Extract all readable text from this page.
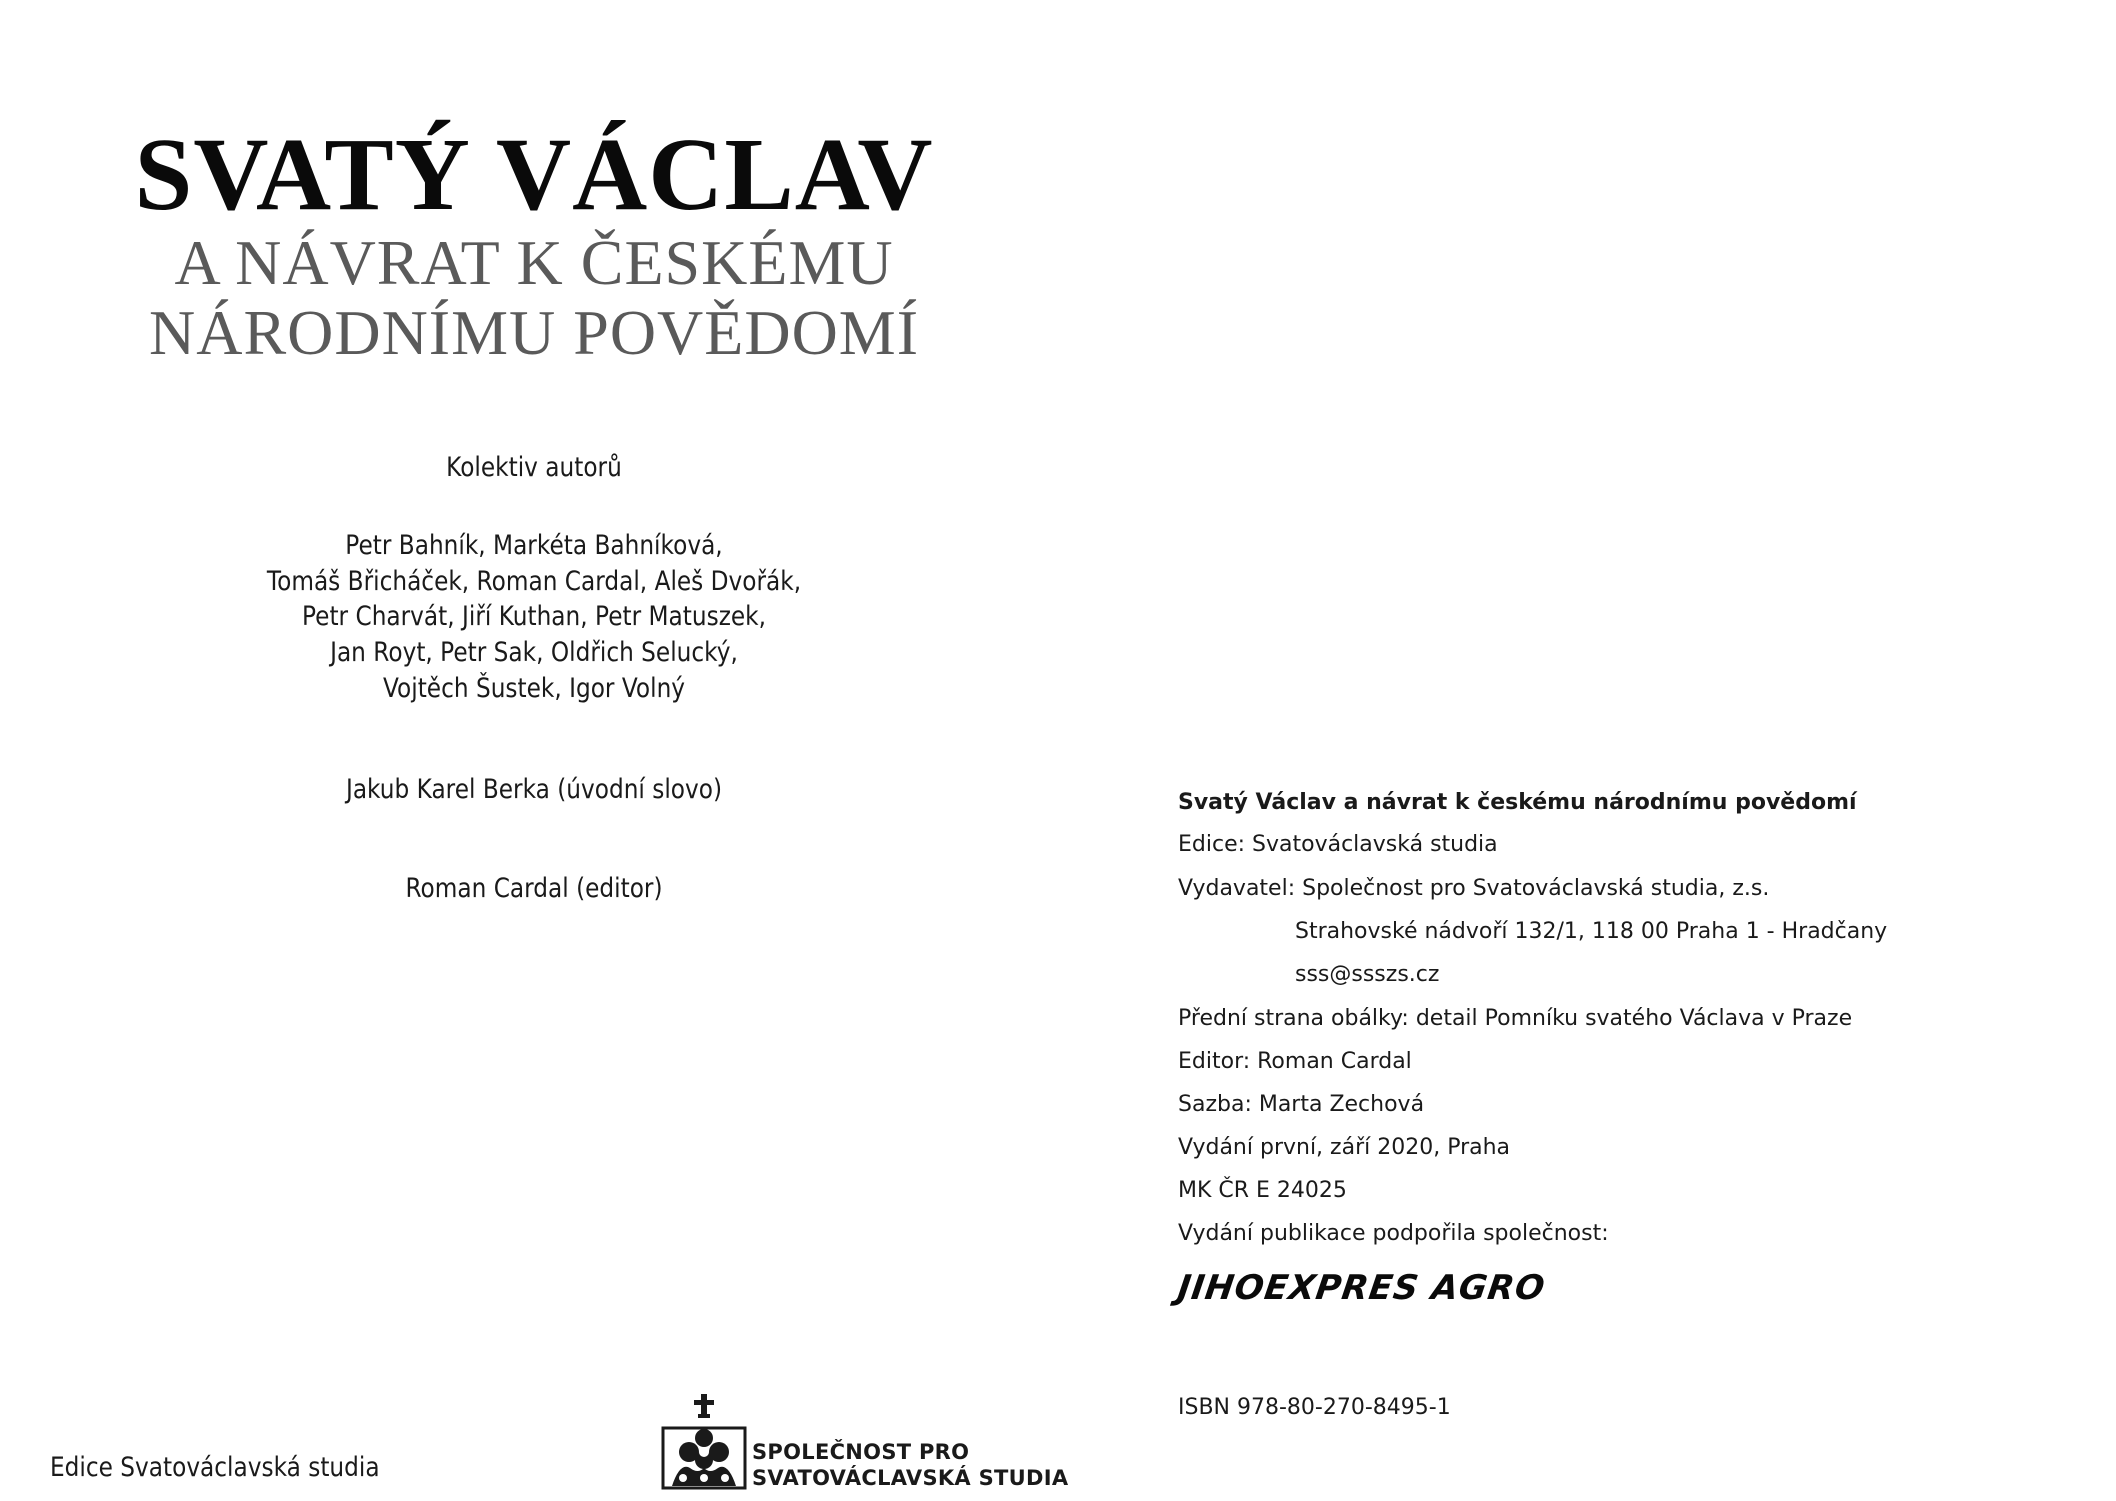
SVATÝ VÁCLAV
A NÁVRAT K ČESKÉMU
NÁRODNÍMU POVĚDOMÍ
Kolektiv autorů
Petr Bahník, Markéta Bahníková,
Tomáš Břicháček, Roman Cardal, Aleš Dvořák,
Petr Charvát, Jiří Kuthan, Petr Matuszek,
Jan Royt, Petr Sak, Oldřich Selucký,
Vojtěch Šustek, Igor Volný
Jakub Karel Berka (úvodní slovo)
Roman Cardal (editor)
Edice Svatováclavská studia	SPOLEČNOST PRO
SVATOVÁCLAVSKÁ STUDIA
Svatý Václav a návrat k českému národnímu povědomí
Edice: Svatováclavská studia
Vydavatel: Společnost pro Svatováclavská studia, z.s.
Strahovské nádvoří 132/1, 118 00 Praha 1 - Hradčany
sss@ssszs.cz
Přední strana obálky: detail Pomníku svatého Václava v Praze
Editor: Roman Cardal
Sazba: Marta Zechová
Vydání první, září 2020, Praha
MK ČR E 24025
Vydání publikace podpořila společnost:
JIHOEXPRES AGRO
ISBN 978-80-270-8495-1
